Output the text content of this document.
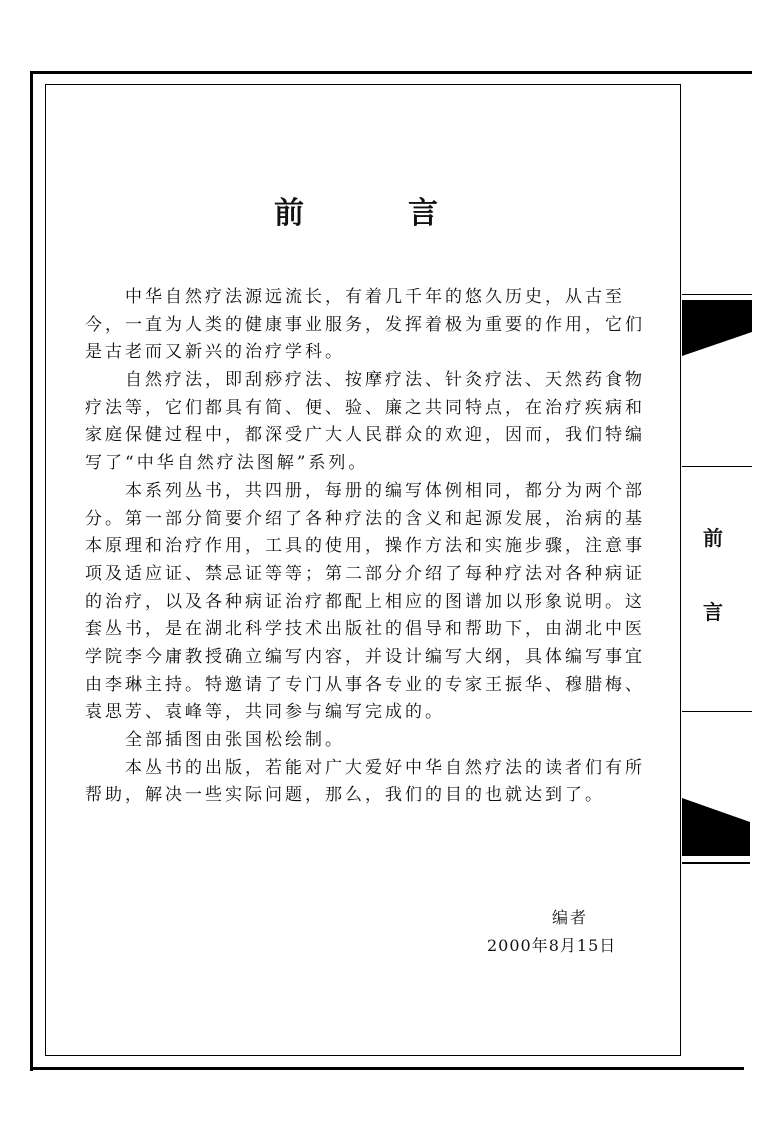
前
言
前	言
中华自然疗法源远流长，有着几千年的悠久历史，从古至
今，一直为人类的健康事业服务，发挥着极为重要的作用，它们
是古老而又新兴的治疗学科。
自然疗法，即刮痧疗法、按摩疗法、针灸疗法、天然药食物
疗法等，它们都具有简、便、验、廉之共同特点，在治疗疾病和
家庭保健过程中，都深受广大人民群众的欢迎，因而，我们特编
写了“中华自然疗法图解”系列。
本系列丛书，共四册，每册的编写体例相同，都分为两个部
分。第一部分简要介绍了各种疗法的含义和起源发展，治病的基
本原理和治疗作用，工具的使用，操作方法和实施步骤，注意事
项及适应证、禁忌证等等；第二部分介绍了每种疗法对各种病证
的治疗，以及各种病证治疗都配上相应的图谱加以形象说明。这
套丛书，是在湖北科学技术出版社的倡导和帮助下，由湖北中医
学院李今庸教授确立编写内容，并设计编写大纲，具体编写事宜
由李琳主持。特邀请了专门从事各专业的专家王振华、穆腊梅、
袁思芳、袁峰等，共同参与编写完成的。
全部插图由张国松绘制。
本丛书的出版，若能对广大爱好中华自然疗法的读者们有所
帮助，解决一些实际问题，那么，我们的目的也就达到了。
编者
2000年8月15日
